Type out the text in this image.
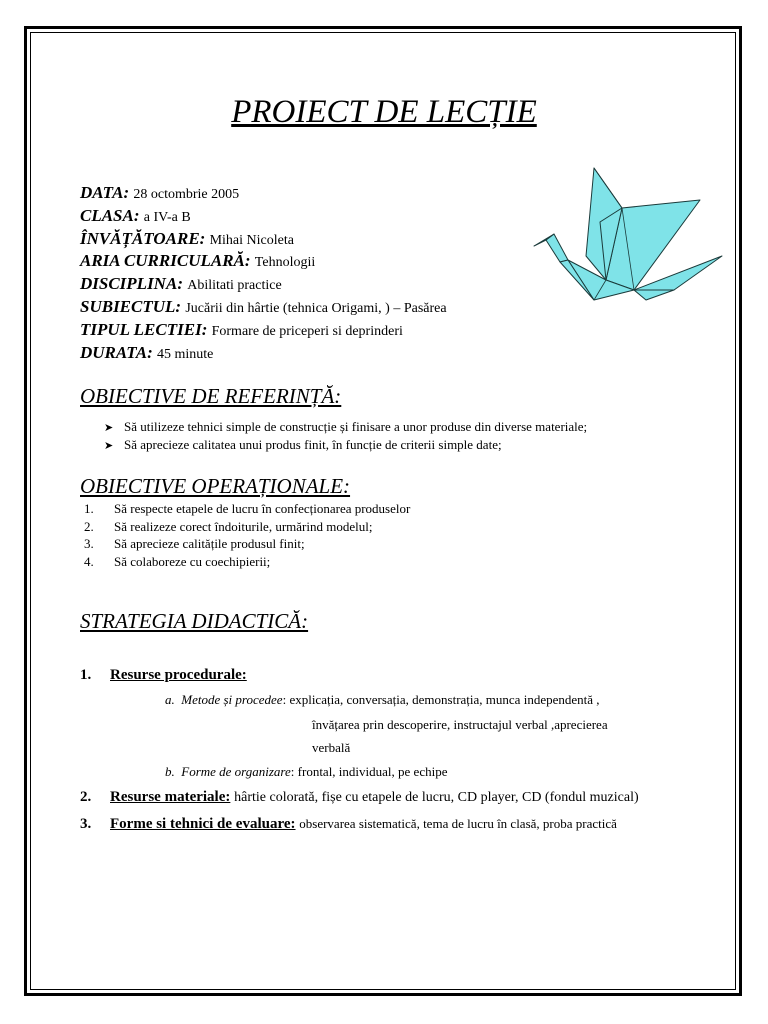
PROIECT DE LECȚIE
DATA: 28 octombrie 2005
CLASA: a IV-a B
ÎNVĂȚĂTOARE: Mihai Nicoleta
ARIA CURRICULARĂ: Tehnologii
DISCIPLINA: Abilitati practice
SUBIECTUL: Jucării din hârtie (tehnica Origami, ) – Pasărea
TIPUL LECTIEI: Formare de priceperi si deprinderi
DURATA: 45 minute
OBIECTIVE DE REFERINȚĂ:
➤ Să utilizeze tehnici simple de construcție și finisare a unor produse din diverse materiale;
➤ Să aprecieze calitatea unui produs finit, în funcție de criterii simple date;
OBIECTIVE OPERAȚIONALE:
1. Să respecte etapele de lucru în confecționarea produselor
2. Să realizeze corect îndoiturile, urmărind modelul;
3. Să aprecieze calitățile produsul finit;
4. Să colaboreze cu coechipierii;
STRATEGIA DIDACTICĂ:
1. Resurse procedurale:
a. Metode și procedee: explicația, conversația, demonstrația, munca independentă ,
învățarea prin descoperire, instructajul verbal ,aprecierea
verbală
b. Forme de organizare: frontal, individual, pe echipe
2. Resurse materiale: hârtie colorată, fișe cu etapele de lucru, CD player, CD (fondul muzical)
3. Forme si tehnici de evaluare: observarea sistematică, tema de lucru în clasă, proba practică
